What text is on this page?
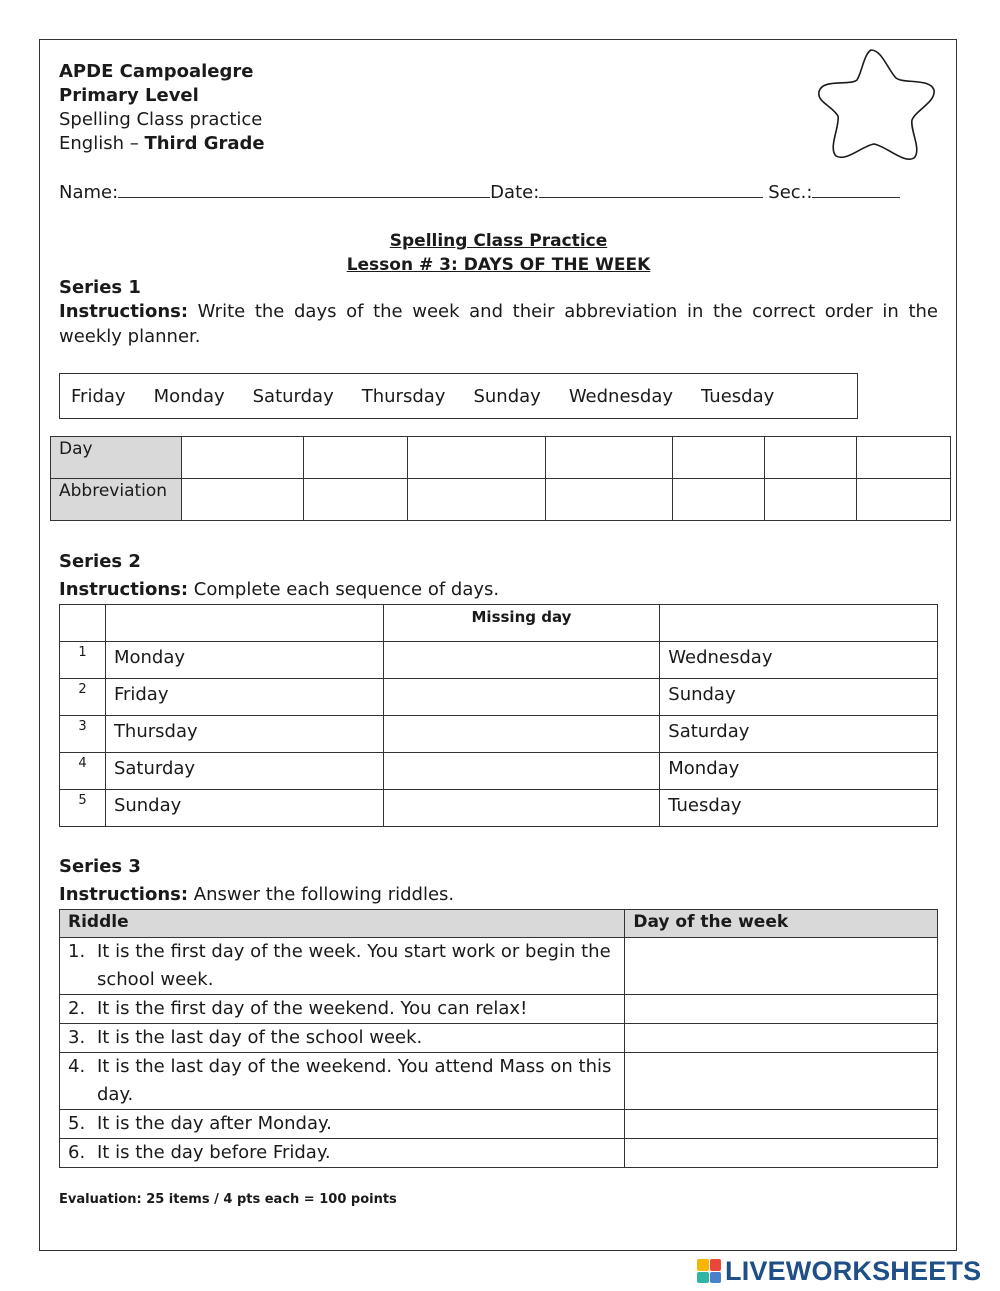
APDE Campoalegre
Primary Level
Spelling Class practice
English – Third Grade
Name:	Date:	Sec.:
Spelling Class Practice
Lesson # 3: DAYS OF THE WEEK
Series 1
Instructions: Write the days of the week and their abbreviation in the correct order in the weekly planner.
Friday Monday Saturday Thursday Sunday Wednesday Tuesday
Day							
Abbreviation							
Series 2
Instructions: Complete each sequence of days.
		Missing day	
1	Monday		Wednesday
2	Friday		Sunday
3	Thursday		Saturday
4	Saturday		Monday
5	Sunday		Tuesday
Series 3
Instructions: Answer the following riddles.
Riddle	Day of the week

1. It is the first day of the week. You start work or begin the school week.	

2. It is the first day of the weekend. You can relax!	

3. It is the last day of the school week.	

4. It is the last day of the weekend. You attend Mass on this day.	

5. It is the day after Monday.	

6. It is the day before Friday.	

Evaluation: 25 items / 4 pts each = 100 points
LIVEWORKSHEETS
